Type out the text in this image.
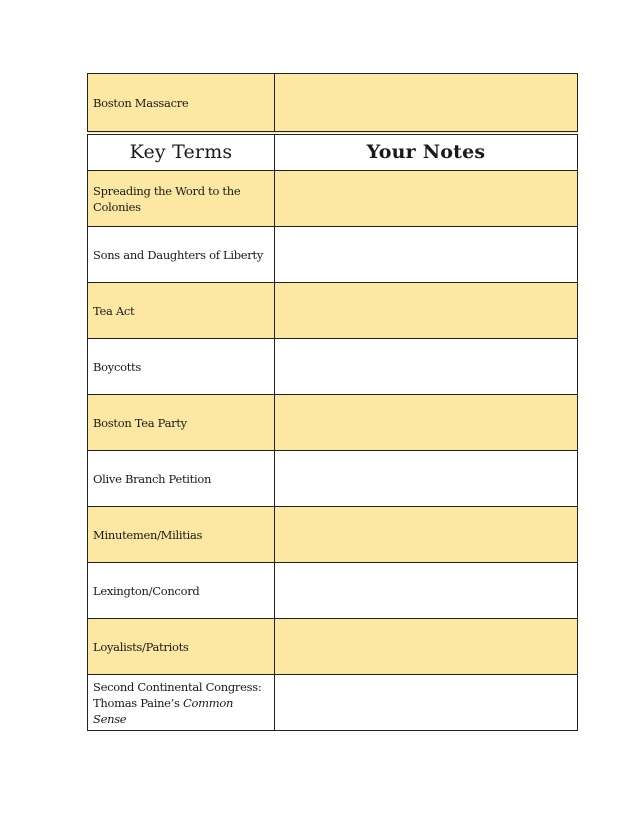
Boston Massacre	
Key Terms	Your Notes
Spreading the Word to the Colonies	
Sons and Daughters of Liberty	
Tea Act	
Boycotts	
Boston Tea Party	
Olive Branch Petition	
Minutemen/Militias	
Lexington/Concord	
Loyalists/Patriots	
Second Continental Congress:
Thomas Paine’s Common Sense	
